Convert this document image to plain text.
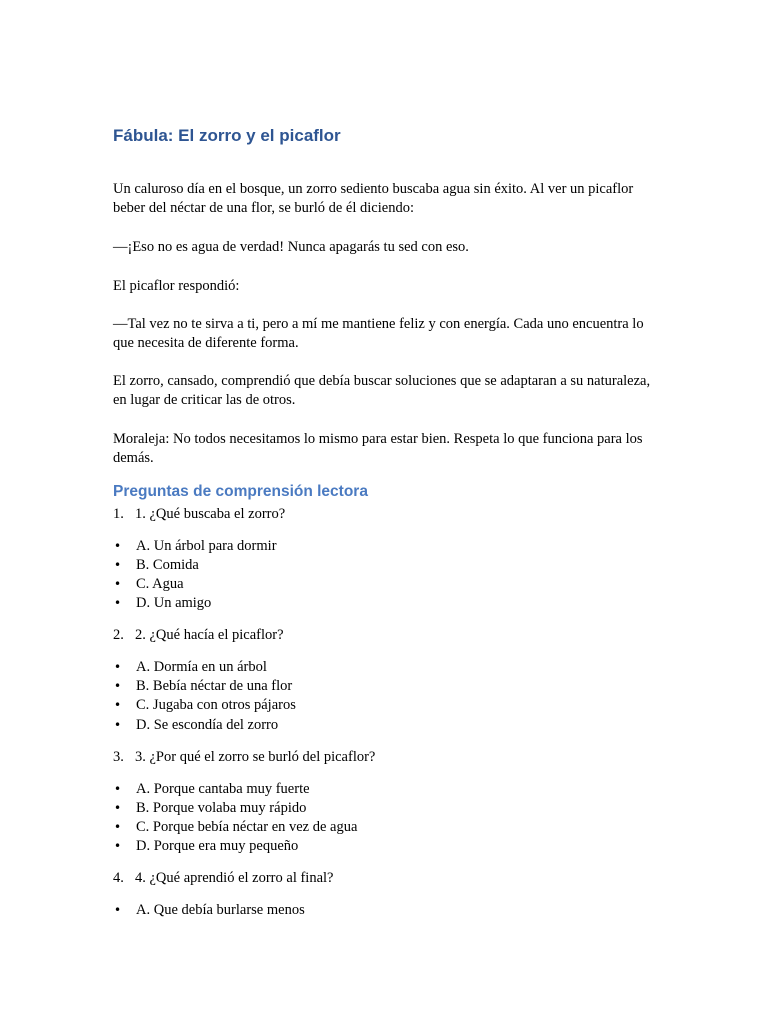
Fábula: El zorro y el picaflor

Un caluroso día en el bosque, un zorro sediento buscaba agua sin éxito. Al ver un picaflor beber del néctar de una flor, se burló de él diciendo:

—¡Eso no es agua de verdad! Nunca apagarás tu sed con eso.

El picaflor respondió:

—Tal vez no te sirva a ti, pero a mí me mantiene feliz y con energía. Cada uno encuentra lo que necesita de diferente forma.

El zorro, cansado, comprendió que debía buscar soluciones que se adaptaran a su naturaleza, en lugar de criticar las de otros.

Moraleja: No todos necesitamos lo mismo para estar bien. Respeta lo que funciona para los demás.

Preguntas de comprensión lectora
1. 1. ¿Qué buscaba el zorro?
• A. Un árbol para dormir
• B. Comida
• C. Agua
• D. Un amigo
2. 2. ¿Qué hacía el picaflor?
• A. Dormía en un árbol
• B. Bebía néctar de una flor
• C. Jugaba con otros pájaros
• D. Se escondía del zorro
3. 3. ¿Por qué el zorro se burló del picaflor?
• A. Porque cantaba muy fuerte
• B. Porque volaba muy rápido
• C. Porque bebía néctar en vez de agua
• D. Porque era muy pequeño
4. 4. ¿Qué aprendió el zorro al final?
• A. Que debía burlarse menos
